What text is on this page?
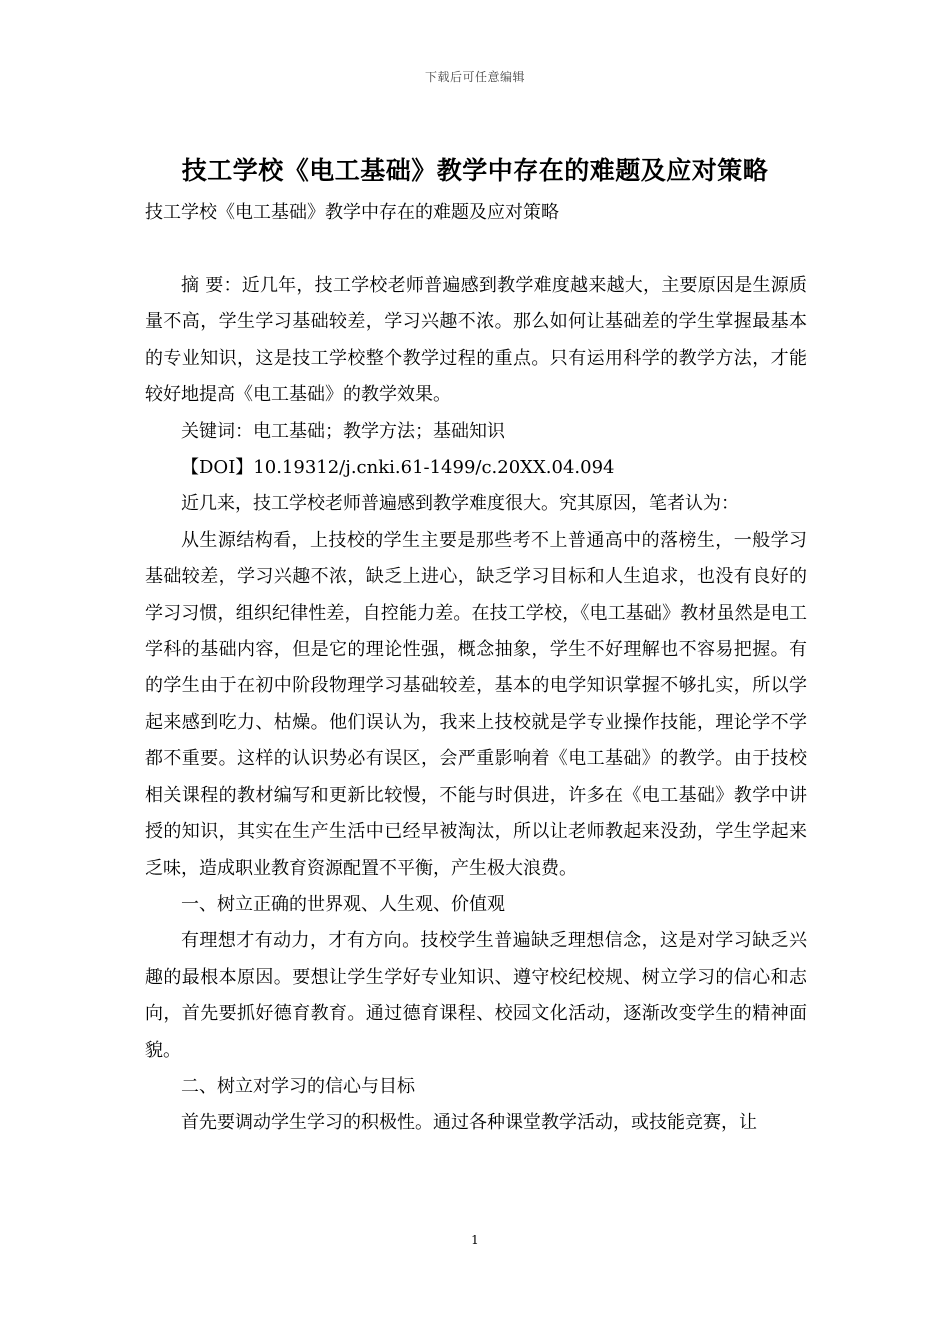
下载后可任意编辑
技工学校《电工基础》教学中存在的难题及应对策略
技工学校《电工基础》教学中存在的难题及应对策略

摘 要：近几年，技工学校老师普遍感到教学难度越来越大，主要原因是生源质量不高，学生学习基础较差，学习兴趣不浓。那么如何让基础差的学生掌握最基本的专业知识，这是技工学校整个教学过程的重点。只有运用科学的教学方法，才能较好地提高《电工基础》的教学效果。

关键词：电工基础；教学方法；基础知识

【DOI】10.19312/j.cnki.61-1499/c.20XX.04.094

近几来，技工学校老师普遍感到教学难度很大。究其原因，笔者认为：

从生源结构看，上技校的学生主要是那些考不上普通高中的落榜生，一般学习基础较差，学习兴趣不浓，缺乏上进心，缺乏学习目标和人生追求，也没有良好的学习习惯，组织纪律性差，自控能力差。在技工学校，《电工基础》教材虽然是电工学科的基础内容，但是它的理论性强，概念抽象，学生不好理解也不容易把握。有的学生由于在初中阶段物理学习基础较差，基本的电学知识掌握不够扎实，所以学起来感到吃力、枯燥。他们误认为，我来上技校就是学专业操作技能，理论学不学都不重要。这样的认识势必有误区，会严重影响着《电工基础》的教学。由于技校相关课程的教材编写和更新比较慢，不能与时俱进，许多在《电工基础》教学中讲授的知识，其实在生产生活中已经早被淘汰，所以让老师教起来没劲，学生学起来乏味，造成职业教育资源配置不平衡，产生极大浪费。

一、树立正确的世界观、人生观、价值观

有理想才有动力，才有方向。技校学生普遍缺乏理想信念，这是对学习缺乏兴趣的最根本原因。要想让学生学好专业知识、遵守校纪校规、树立学习的信心和志向，首先要抓好德育教育。通过德育课程、校园文化活动，逐渐改变学生的精神面貌。

二、树立对学习的信心与目标

首先要调动学生学习的积极性。通过各种课堂教学活动，或技能竞赛，让

1
